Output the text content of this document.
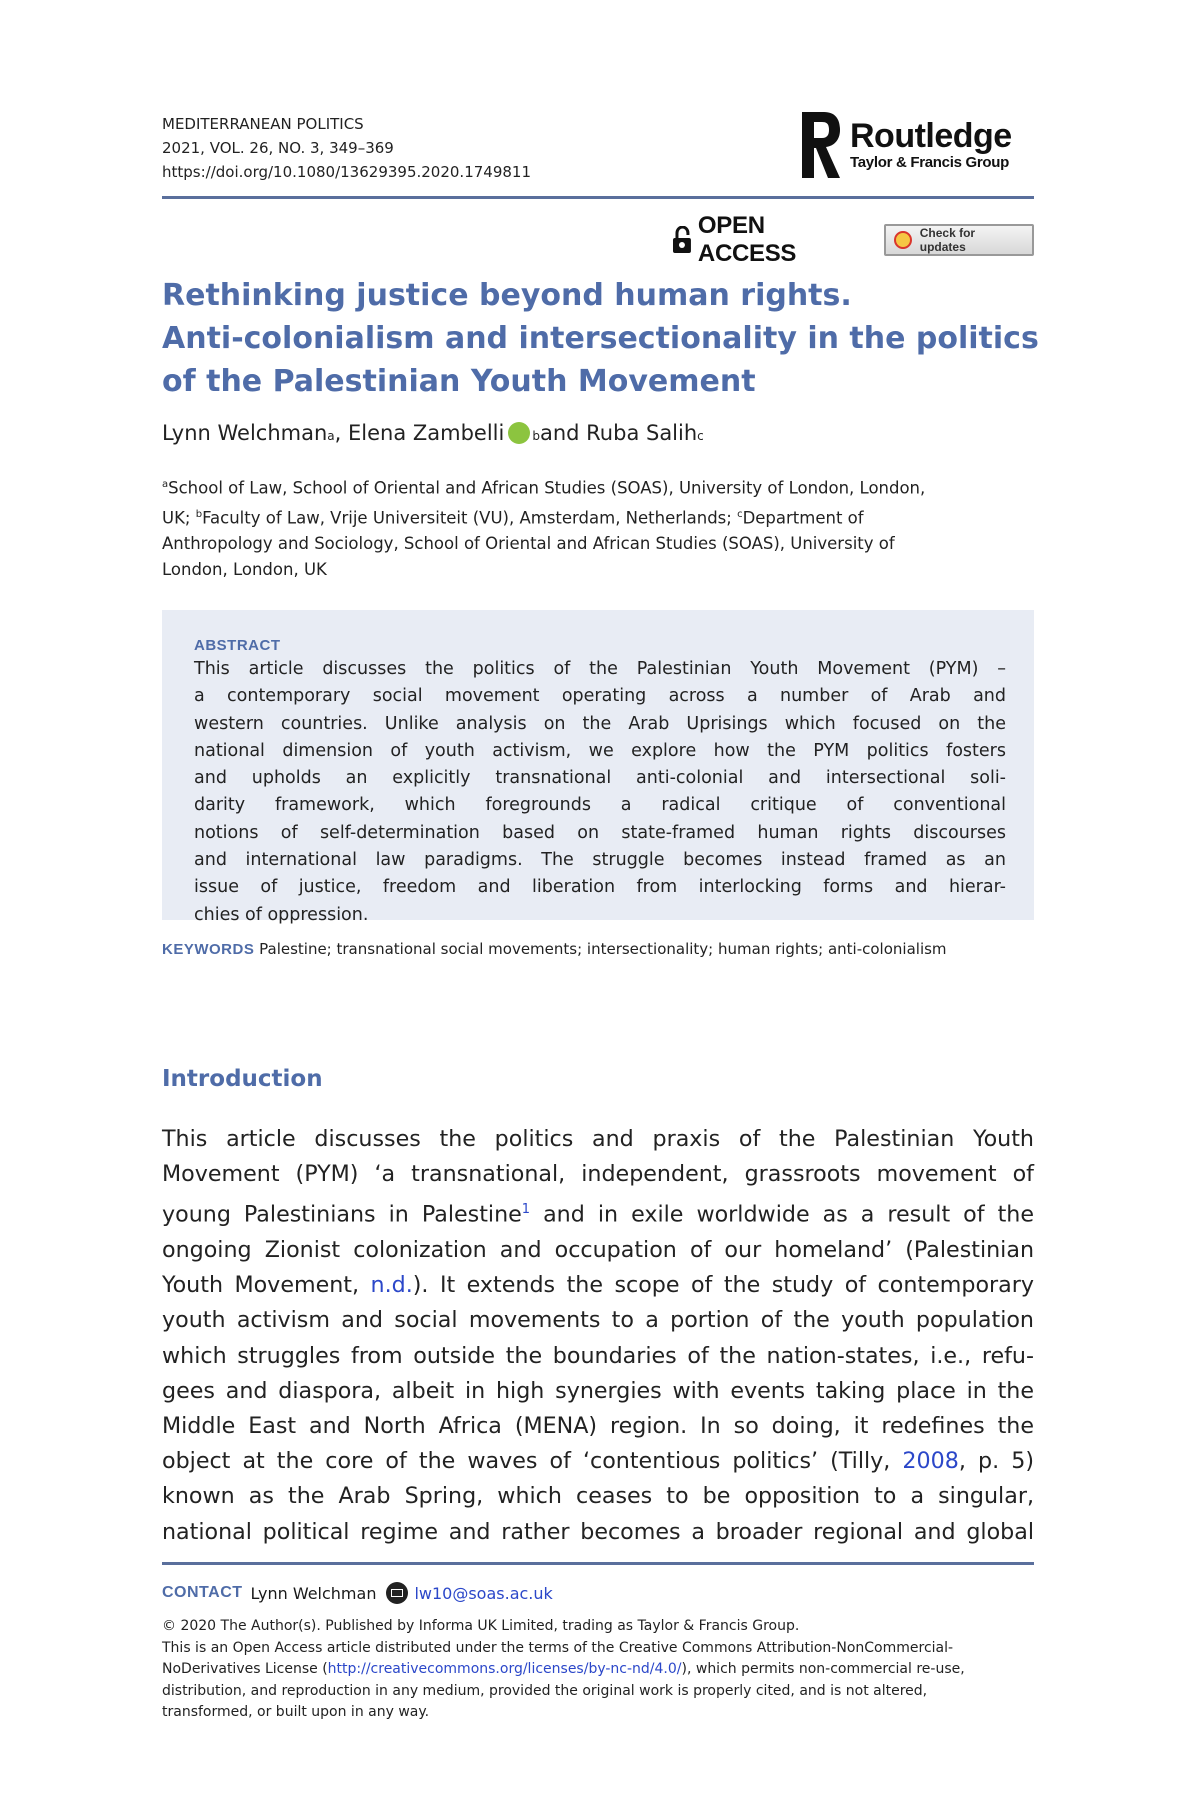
MEDITERRANEAN POLITICS
2021, VOL. 26, NO. 3, 349–369
https://doi.org/10.1080/13629395.2020.1749811
Routledge
Taylor & Francis Group
OPEN ACCESS
Check for updates
Rethinking justice beyond human rights.
Anti-colonialism and intersectionality in the politics
of the Palestinian Youth Movement
Lynn Welchman a , Elena Zambelli b and Ruba Salih c
$^a$School of Law, School of Oriental and African Studies (SOAS), University of London, London,
UK; $^b$Faculty of Law, Vrije Universiteit (VU), Amsterdam, Netherlands; $^c$Department of
Anthropology and Sociology, School of Oriental and African Studies (SOAS), University of
London, London, UK
ABSTRACT
This article discusses the politics of the Palestinian Youth Movement (PYM) –
a contemporary social movement operating across a number of Arab and
western countries. Unlike analysis on the Arab Uprisings which focused on the
national dimension of youth activism, we explore how the PYM politics fosters
and upholds an explicitly transnational anti-colonial and intersectional soli-
darity framework, which foregrounds a radical critique of conventional
notions of self-determination based on state-framed human rights discourses
and international law paradigms. The struggle becomes instead framed as an
issue of justice, freedom and liberation from interlocking forms and hierar-
chies of oppression.
KEYWORDS Palestine; transnational social movements; intersectionality; human rights; anti-colonialism
Introduction
This article discusses the politics and praxis of the Palestinian Youth
Movement (PYM) ‘a transnational, independent, grassroots movement of
young Palestinians in Palestine$^1$ and in exile worldwide as a result of the
ongoing Zionist colonization and occupation of our homeland’ (Palestinian
Youth Movement, n.d.). It extends the scope of the study of contemporary
youth activism and social movements to a portion of the youth population
which struggles from outside the boundaries of the nation-states, i.e., refu-
gees and diaspora, albeit in high synergies with events taking place in the
Middle East and North Africa (MENA) region. In so doing, it redefines the
object at the core of the waves of ‘contentious politics’ (Tilly, 2008, p. 5)
known as the Arab Spring, which ceases to be opposition to a singular,
national political regime and rather becomes a broader regional and global
CONTACT Lynn Welchman lw10@soas.ac.uk
© 2020 The Author(s). Published by Informa UK Limited, trading as Taylor & Francis Group.
This is an Open Access article distributed under the terms of the Creative Commons Attribution-NonCommercial-
NoDerivatives License (http://creativecommons.org/licenses/by-nc-nd/4.0/), which permits non-commercial re-use,
distribution, and reproduction in any medium, provided the original work is properly cited, and is not altered,
transformed, or built upon in any way.
